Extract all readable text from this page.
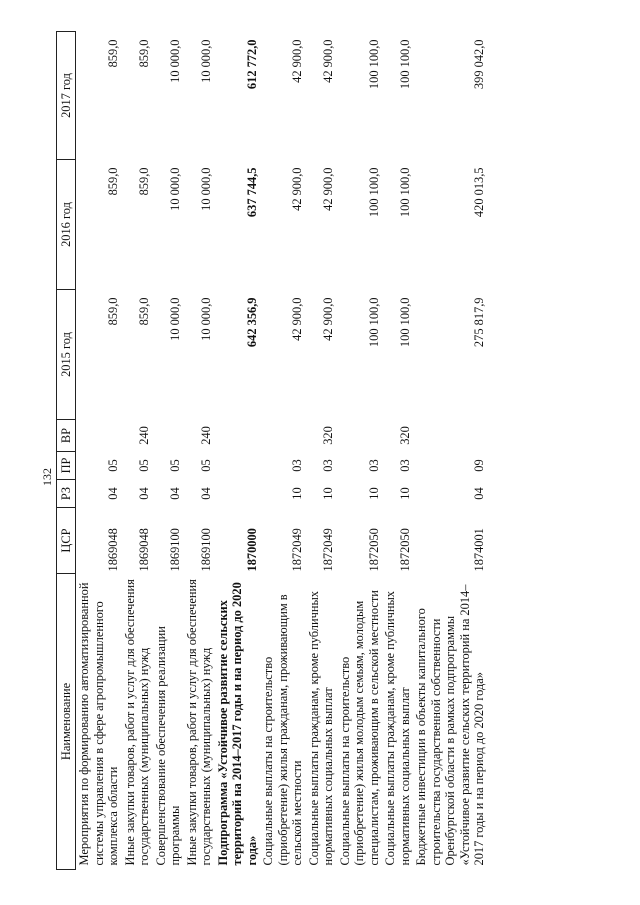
132
Наименование	ЦСР	РЗ	ПР	ВР	2015 год	2016 год	2017 год
Мероприятия по формированию автоматизированной системы управления в сфере агропромышленного комплекса области	1869048	04	05		859,0	859,0	859,0
Иные закупки товаров, работ и услуг для обеспечения государственных (муниципальных) нужд	1869048	04	05	240	859,0	859,0	859,0
Совершенствование обеспечения реализации программы	1869100	04	05		10 000,0	10 000,0	10 000,0
Иные закупки товаров, работ и услуг для обеспечения государственных (муниципальных) нужд	1869100	04	05	240	10 000,0	10 000,0	10 000,0
Подпрограмма «Устойчивое развитие сельских территорий на 2014–2017 годы и на период до 2020 года»	1870000				642 356,9	637 744,5	612 772,0
Социальные выплаты на строительство (приобретение) жилья гражданам, проживающим в сельской местности	1872049	10	03		42 900,0	42 900,0	42 900,0
Социальные выплаты гражданам, кроме публичных нормативных социальных выплат	1872049	10	03	320	42 900,0	42 900,0	42 900,0
Социальные выплаты на строительство (приобретение) жилья молодым семьям, молодым специалистам, проживающим в сельской местности	1872050	10	03		100 100,0	100 100,0	100 100,0
Социальные выплаты гражданам, кроме публичных нормативных социальных выплат	1872050	10	03	320	100 100,0	100 100,0	100 100,0
Бюджетные инвестиции в объекты капитального строительства государственной собственности Оренбургской области в рамках подпрограммы «Устойчивое развитие сельских территорий на 2014–2017 годы и на период до 2020 года»	1874001	04	09		275 817,9	420 013,5	399 042,0
